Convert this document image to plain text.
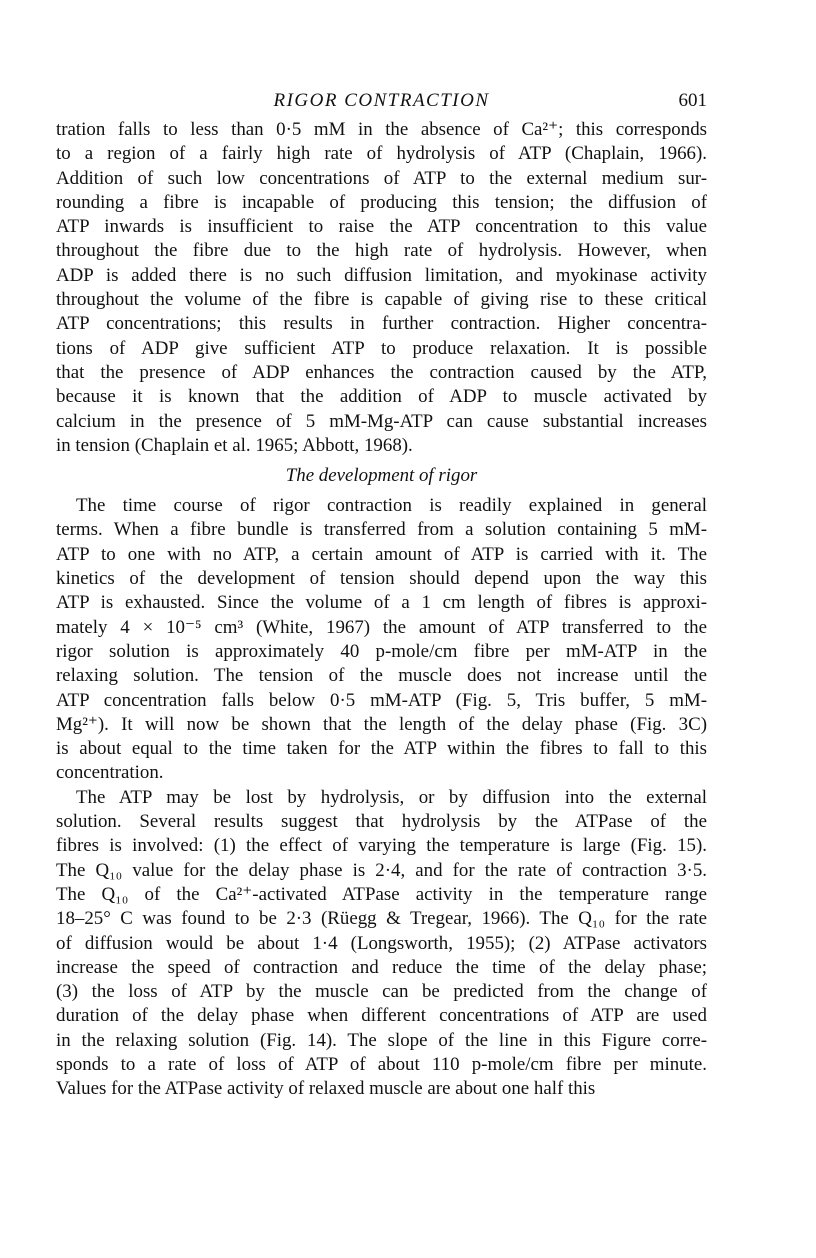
RIGOR CONTRACTION	601
tration falls to less than 0·5 mM in the absence of Ca²⁺; this corresponds
to a region of a fairly high rate of hydrolysis of ATP (Chaplain, 1966).
Addition of such low concentrations of ATP to the external medium sur-
rounding a fibre is incapable of producing this tension; the diffusion of
ATP inwards is insufficient to raise the ATP concentration to this value
throughout the fibre due to the high rate of hydrolysis. However, when
ADP is added there is no such diffusion limitation, and myokinase activity
throughout the volume of the fibre is capable of giving rise to these critical
ATP concentrations; this results in further contraction. Higher concentra-
tions of ADP give sufficient ATP to produce relaxation. It is possible
that the presence of ADP enhances the contraction caused by the ATP,
because it is known that the addition of ADP to muscle activated by
calcium in the presence of 5 mM-Mg-ATP can cause substantial increases
in tension (Chaplain et al. 1965; Abbott, 1968).
The development of rigor
The time course of rigor contraction is readily explained in general
terms. When a fibre bundle is transferred from a solution containing 5 mM-
ATP to one with no ATP, a certain amount of ATP is carried with it. The
kinetics of the development of tension should depend upon the way this
ATP is exhausted. Since the volume of a 1 cm length of fibres is approxi-
mately 4 × 10⁻⁵ cm³ (White, 1967) the amount of ATP transferred to the
rigor solution is approximately 40 p-mole/cm fibre per mM-ATP in the
relaxing solution. The tension of the muscle does not increase until the
ATP concentration falls below 0·5 mM-ATP (Fig. 5, Tris buffer, 5 mM-
Mg²⁺). It will now be shown that the length of the delay phase (Fig. 3C)
is about equal to the time taken for the ATP within the fibres to fall to this
concentration.
The ATP may be lost by hydrolysis, or by diffusion into the external
solution. Several results suggest that hydrolysis by the ATPase of the
fibres is involved: (1) the effect of varying the temperature is large (Fig. 15).
The Q₁₀ value for the delay phase is 2·4, and for the rate of contraction 3·5.
The Q₁₀ of the Ca²⁺-activated ATPase activity in the temperature range
18–25° C was found to be 2·3 (Rüegg & Tregear, 1966). The Q₁₀ for the rate
of diffusion would be about 1·4 (Longsworth, 1955); (2) ATPase activators
increase the speed of contraction and reduce the time of the delay phase;
(3) the loss of ATP by the muscle can be predicted from the change of
duration of the delay phase when different concentrations of ATP are used
in the relaxing solution (Fig. 14). The slope of the line in this Figure corre-
sponds to a rate of loss of ATP of about 110 p-mole/cm fibre per minute.
Values for the ATPase activity of relaxed muscle are about one half this
